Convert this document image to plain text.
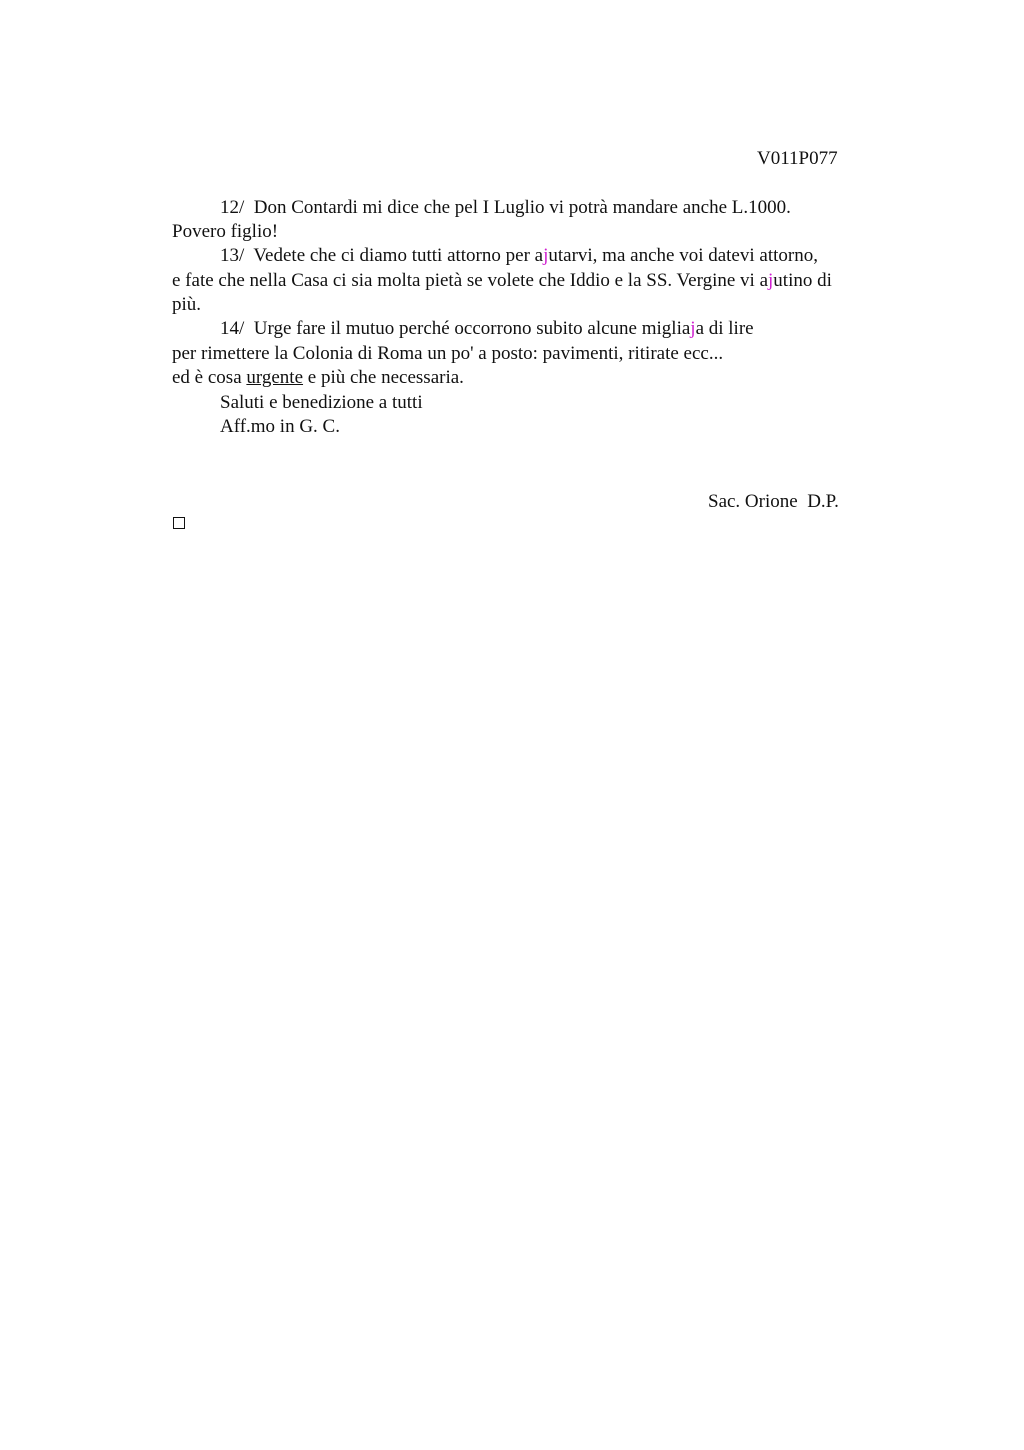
V011P077
12/  Don Contardi mi dice che pel I Luglio vi potrà mandare anche L.1000.
Povero figlio!
13/  Vedete che ci diamo tutti attorno per ajutarvi, ma anche voi datevi attorno,
e fate che nella Casa ci sia molta pietà se volete che Iddio e la SS. Vergine vi ajutino di
più.
14/  Urge fare il mutuo perché occorrono subito alcune migliaja di lire
per rimettere la Colonia di Roma un po' a posto: pavimenti, ritirate ecc...
ed è cosa urgente e più che necessaria.
Saluti e benedizione a tutti
Aff.mo in G. C.
Sac. Orione  D.P.
